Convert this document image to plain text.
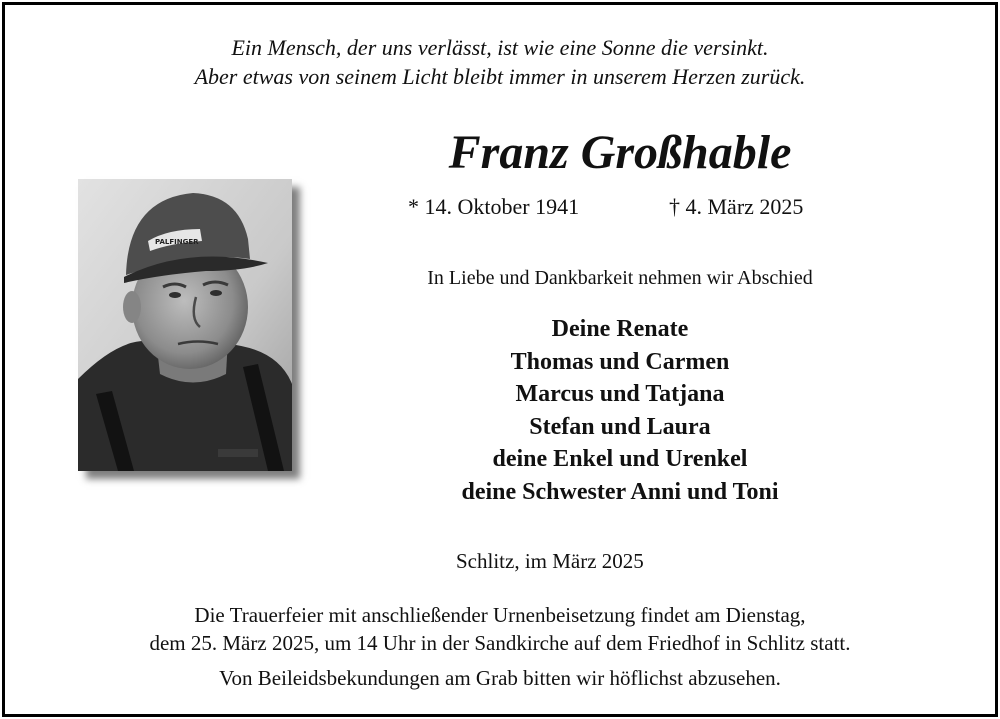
Ein Mensch, der uns verlässt, ist wie eine Sonne die versinkt.
Aber etwas von seinem Licht bleibt immer in unserem Herzen zurück.
Franz Großhable
* 14. Oktober 1941	† 4. März 2025
PALFINGER
In Liebe und Dankbarkeit nehmen wir Abschied
Deine Renate
Thomas und Carmen
Marcus und Tatjana
Stefan und Laura
deine Enkel und Urenkel
deine Schwester Anni und Toni
Schlitz, im März 2025
Die Trauerfeier mit anschließender Urnenbeisetzung findet am Dienstag,
dem 25. März 2025, um 14 Uhr in der Sandkirche auf dem Friedhof in Schlitz statt.
Von Beileidsbekundungen am Grab bitten wir höflichst abzusehen.
